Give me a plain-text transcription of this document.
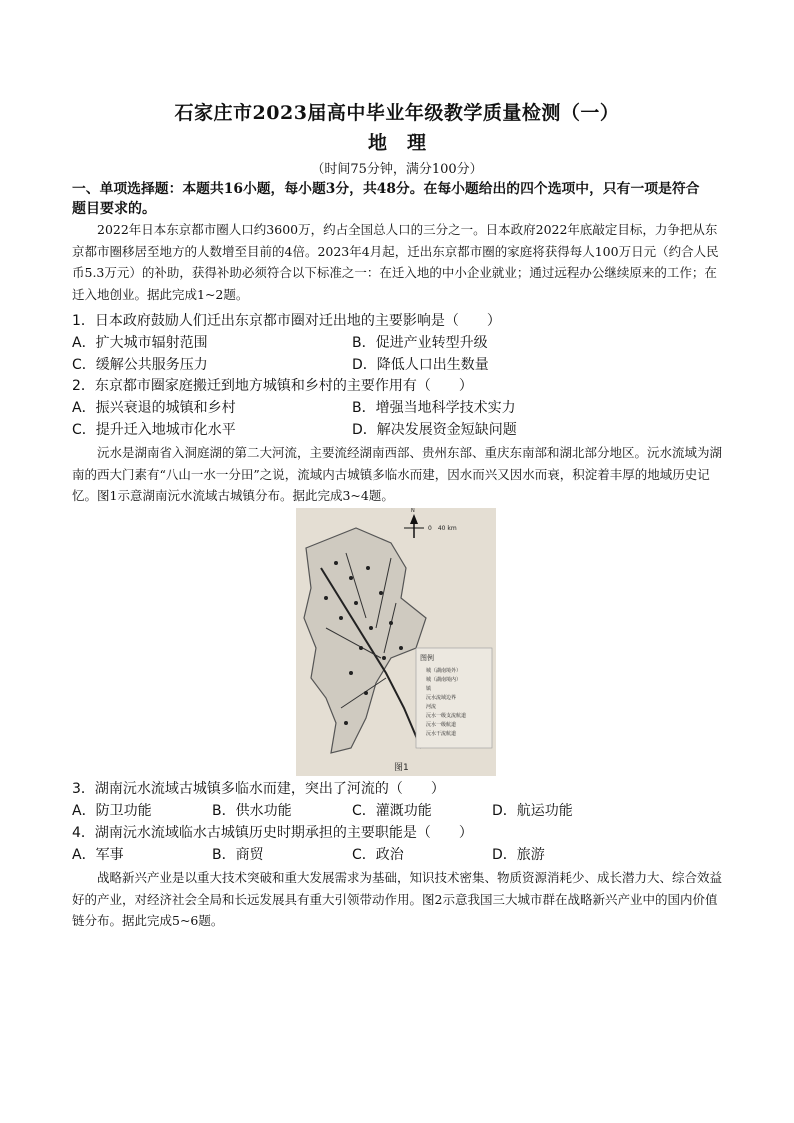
石家庄市2023届高中毕业年级教学质量检测（一）
地理
（时间75分钟，满分100分）
一、单项选择题：本题共16小题，每小题3分，共48分。在每小题给出的四个选项中，只有一项是符合
题目要求的。
2022年日本东京都市圈人口约3600万，约占全国总人口的三分之一。日本政府2022年底敲定目标，力争把从东京都市圈移居至地方的人数增至目前的4倍。2023年4月起，迁出东京都市圈的家庭将获得每人100万日元（约合人民币5.3万元）的补助，获得补助必须符合以下标准之一：在迁入地的中小企业就业；通过远程办公继续原来的工作；在迁入地创业。据此完成1~2题。
1．日本政府鼓励人们迁出东京都市圈对迁出地的主要影响是（　　）
A．扩大城市辐射范围	B．促进产业转型升级
C．缓解公共服务压力	D．降低人口出生数量
2．东京都市圈家庭搬迁到地方城镇和乡村的主要作用有（　　）
A．振兴衰退的城镇和乡村	B．增强当地科学技术实力
C．提升迁入地城市化水平	D．解决发展资金短缺问题
沅水是湖南省入洞庭湖的第二大河流，主要流经湖南西部、贵州东部、重庆东南部和湖北部分地区。沅水流域为湖南的西大门素有“八山一水一分田”之说，流域内古城镇多临水而建，因水而兴又因水而衰，积淀着丰厚的地域历史记忆。图1示意湖南沅水流域古城镇分布。据此完成3~4题。
图1
图例
城（湖南境外）
城（湖南境内）
镇
沅水流域边界
河流
沅水一级支流航道
沅水一级航道
沅水干流航道
0　40 km
N
3．湖南沅水流域古城镇多临水而建，突出了河流的（　　）
A．防卫功能	B．供水功能	C．灌溉功能	D．航运功能
4．湖南沅水流域临水古城镇历史时期承担的主要职能是（　　）
A．军事	B．商贸	C．政治	D．旅游
战略新兴产业是以重大技术突破和重大发展需求为基础，知识技术密集、物质资源消耗少、成长潜力大、综合效益好的产业，对经济社会全局和长远发展具有重大引领带动作用。图2示意我国三大城市群在战略新兴产业中的国内价值链分布。据此完成5~6题。
